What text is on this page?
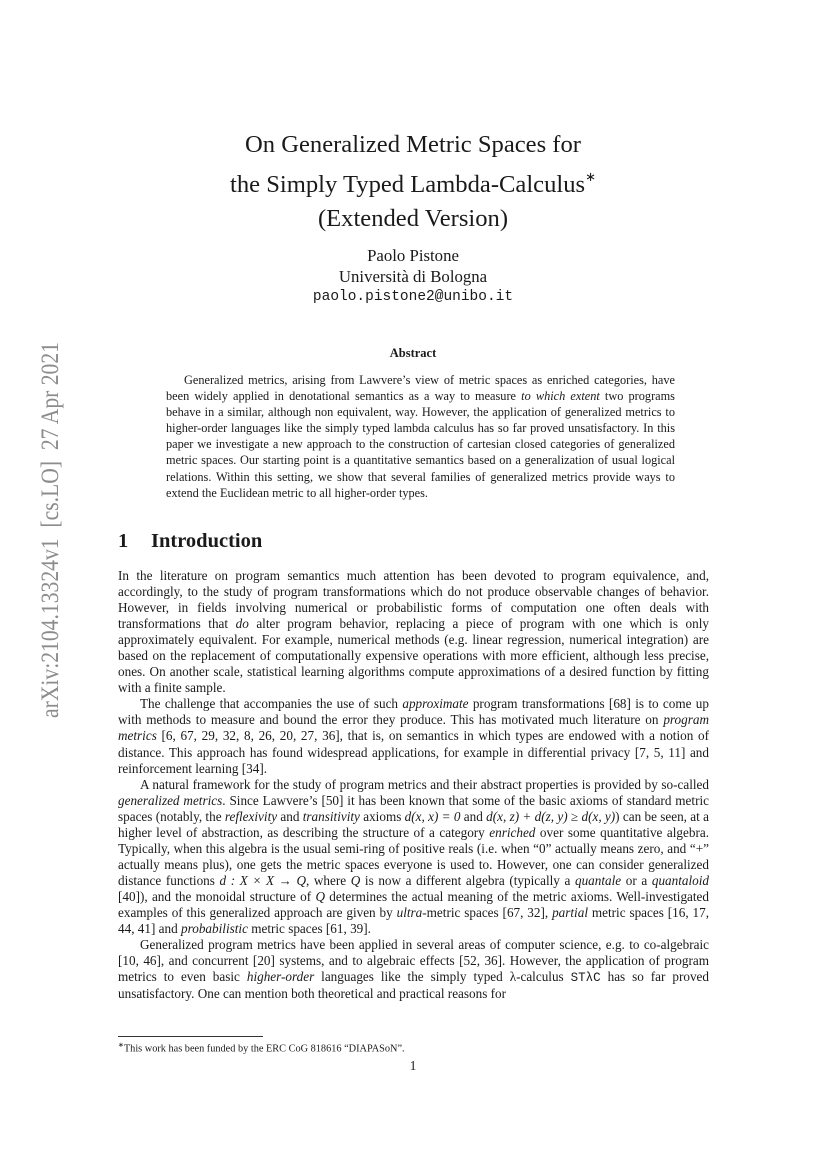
arXiv:2104.13324v1  [cs.LO]  27 Apr 2021
On Generalized Metric Spaces for
the Simply Typed Lambda-Calculus∗
(Extended Version)
Paolo Pistone
Università di Bologna
paolo.pistone2@unibo.it
Abstract

Generalized metrics, arising from Lawvere’s view of metric spaces as enriched categories, have been widely applied in denotational semantics as a way to measure to which extent two programs behave in a similar, although non equivalent, way. However, the application of generalized metrics to higher-order languages like the simply typed lambda calculus has so far proved unsatisfactory. In this paper we investigate a new approach to the construction of cartesian closed categories of generalized metric spaces. Our starting point is a quantitative semantics based on a generalization of usual logical relations. Within this setting, we show that several families of generalized metrics provide ways to extend the Euclidean metric to all higher-order types.

1 Introduction

In the literature on program semantics much attention has been devoted to program equivalence, and, accordingly, to the study of program transformations which do not produce observable changes of behavior. However, in fields involving numerical or probabilistic forms of computation one often deals with transformations that do alter program behavior, replacing a piece of program with one which is only approximately equivalent. For example, numerical methods (e.g. linear regression, numerical integration) are based on the replacement of computationally expensive operations with more efficient, although less precise, ones. On another scale, statistical learning algorithms compute approximations of a desired function by fitting with a finite sample.

The challenge that accompanies the use of such approximate program transformations [68] is to come up with methods to measure and bound the error they produce. This has motivated much literature on program metrics [6, 67, 29, 32, 8, 26, 20, 27, 36], that is, on semantics in which types are endowed with a notion of distance. This approach has found widespread applications, for example in differential privacy [7, 5, 11] and reinforcement learning [34].

A natural framework for the study of program metrics and their abstract properties is provided by so-called generalized metrics. Since Lawvere’s [50] it has been known that some of the basic axioms of standard metric spaces (notably, the reflexivity and transitivity axioms d(x, x) = 0 and d(x, z) + d(z, y) ≥ d(x, y)) can be seen, at a higher level of abstraction, as describing the structure of a category enriched over some quantitative algebra. Typically, when this algebra is the usual semi-ring of positive reals (i.e. when “0” actually means zero, and “+” actually means plus), one gets the metric spaces everyone is used to. However, one can consider generalized distance functions d : X × X → Q, where Q is now a different algebra (typically a quantale or a quantaloid [40]), and the monoidal structure of Q determines the actual meaning of the metric axioms. Well-investigated examples of this generalized approach are given by ultra-metric spaces [67, 32], partial metric spaces [16, 17, 44, 41] and probabilistic metric spaces [61, 39].

Generalized program metrics have been applied in several areas of computer science, e.g. to co-algebraic [10, 46], and concurrent [20] systems, and to algebraic effects [52, 36]. However, the application of program metrics to even basic higher-order languages like the simply typed λ-calculus STλC has so far proved unsatisfactory. One can mention both theoretical and practical reasons for

∗This work has been funded by the ERC CoG 818616 “DIAPASoN”.
1
